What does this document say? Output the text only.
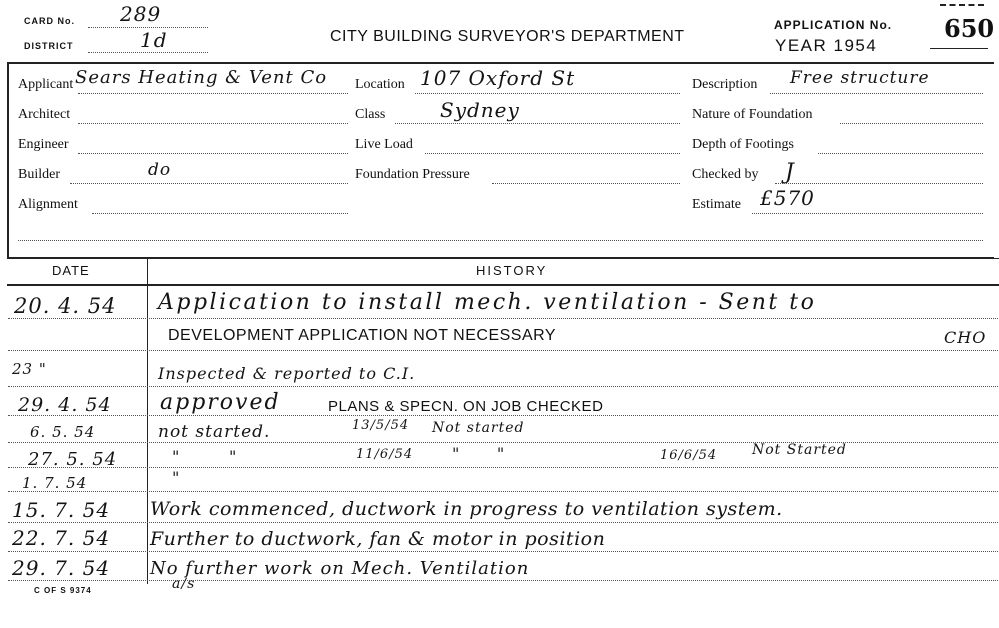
CARD No. 289
DISTRICT	1d	CITY BUILDING SURVEYOR'S DEPARTMENT
APPLICATION No.
YEAR 1954
650
Applicant Sears Heating & Vent Co
Architect
Engineer
Builder	do
Alignment
Location 107 Oxford St
Class	Sydney
Live Load
Foundation Pressure
Description Free structure
Nature of Foundation
Depth of Footings
Checked by J
Estimate £570
DATE	HISTORY
20. 4. 54 Application to install mech. ventilation - Sent to
DEVELOPMENT APPLICATION NOT NECESSARY	CHO
23 "	Inspected & reported to C.I.
29. 4. 54 approved	PLANS & SPECN. ON JOB CHECKED
6. 5. 54	not started.	13/5/54 Not started
27. 5. 54	"        "	11/6/54 "      "	16/6/54 Not Started
1. 7. 54	"
15. 7. 54 Work commenced, ductwork in progress to ventilation system.
22. 7. 54 Further to ductwork, fan & motor in position
29. 7. 54 No further work on Mech. Ventilation
C OF S 9374	a/s
